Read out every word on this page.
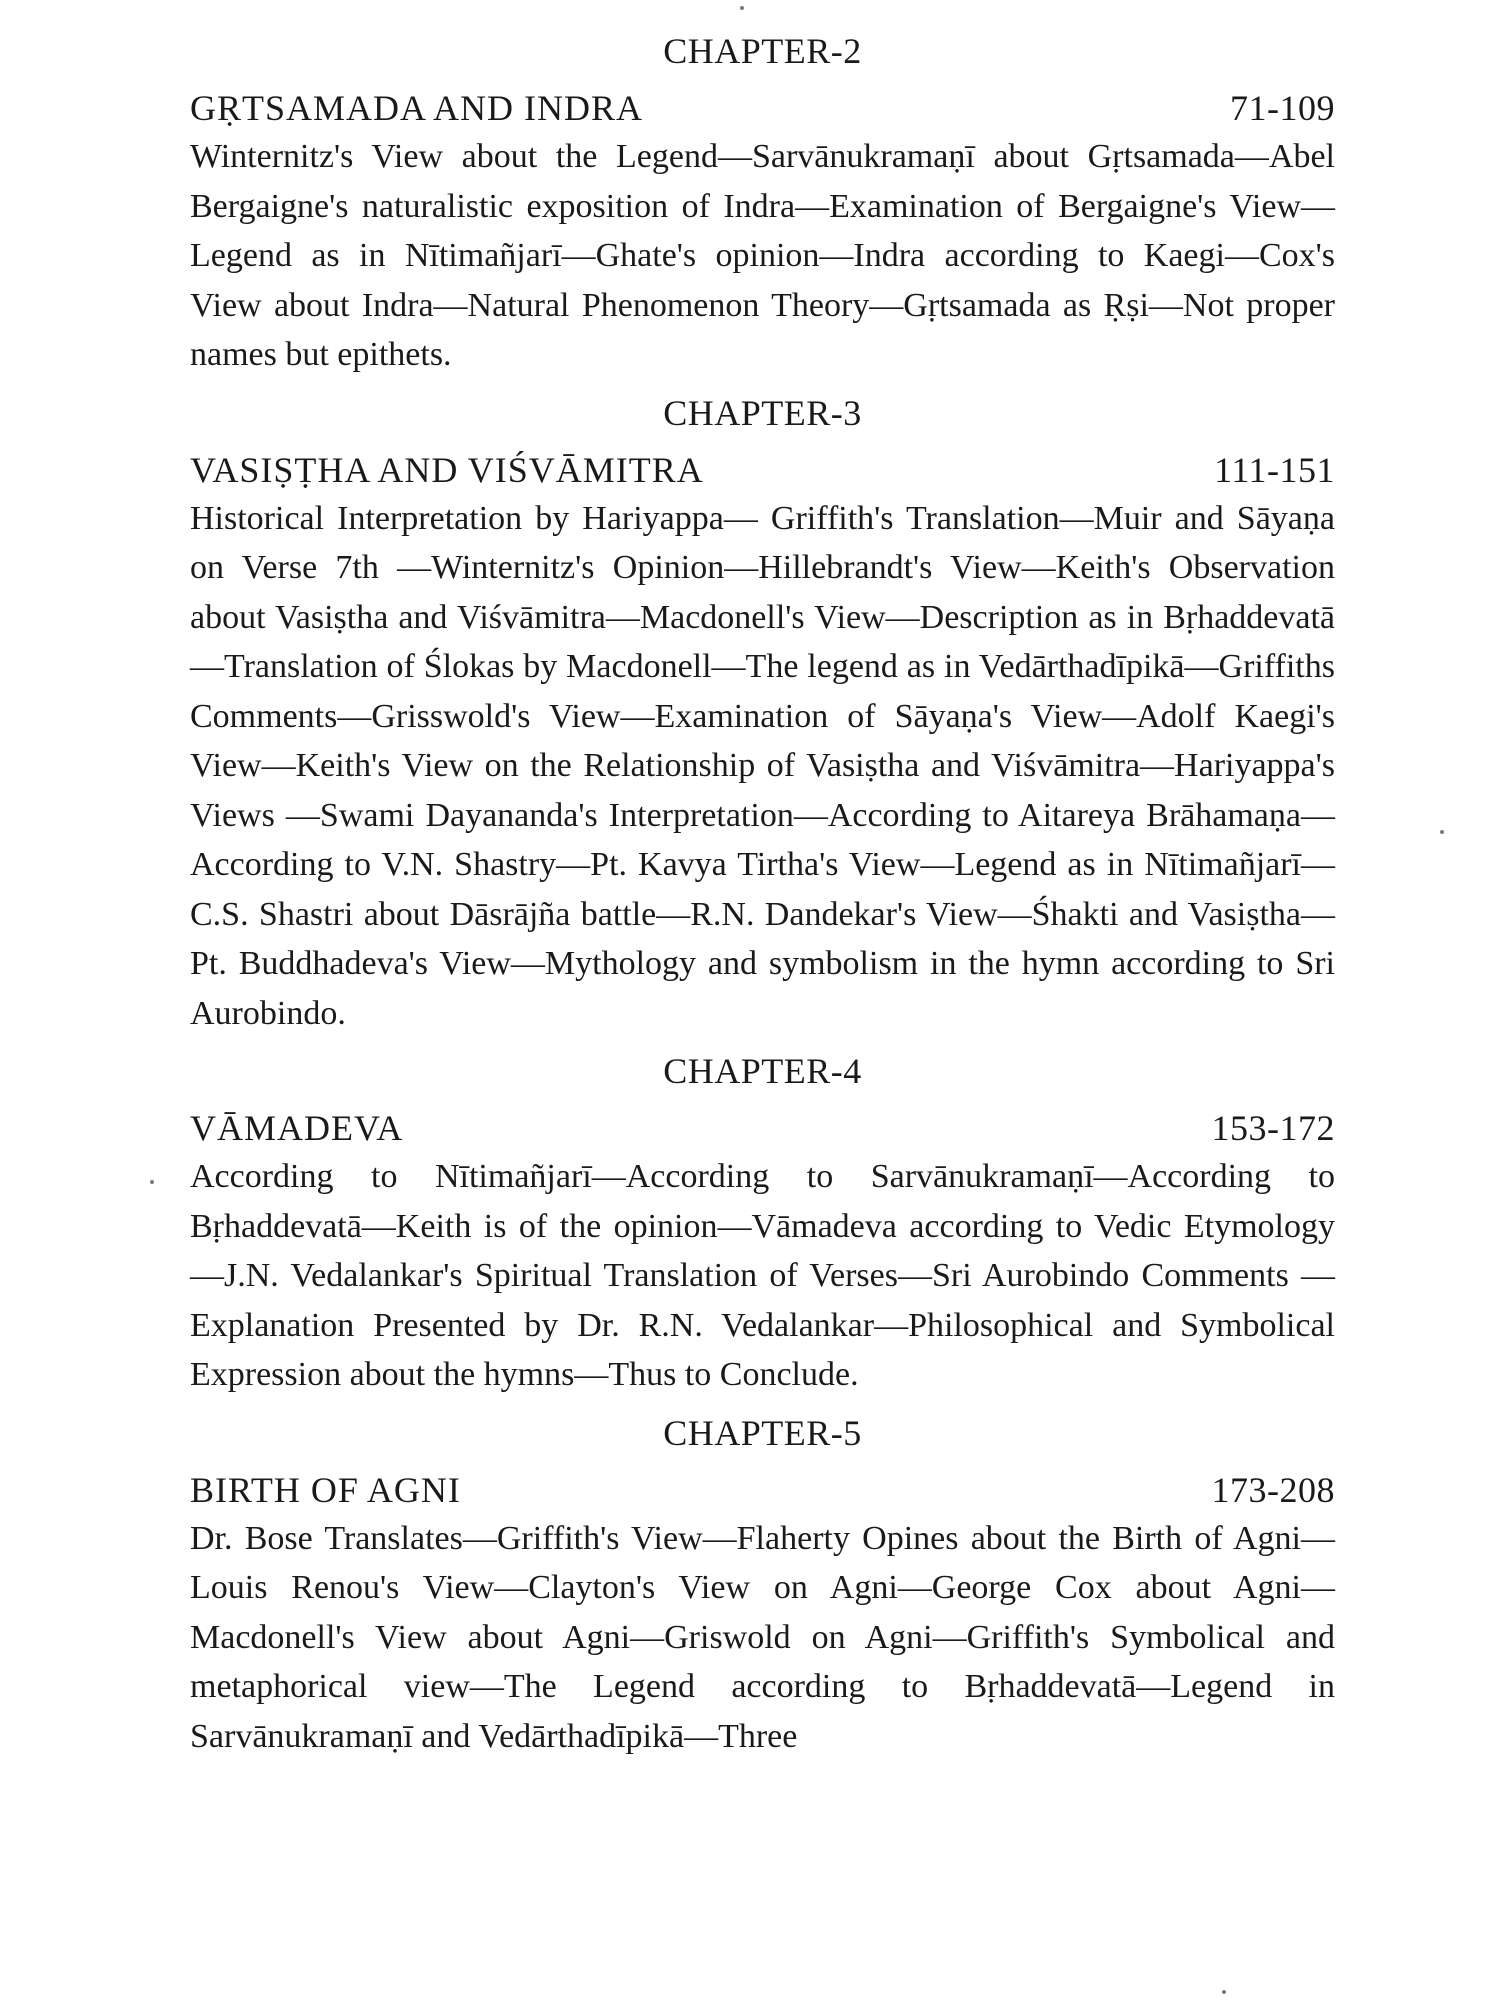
CHAPTER-2
GṚTSAMADA AND INDRA	71-109

Winternitz's View about the Legend—Sarvānukramaṇī about Gṛtsamada—Abel Bergaigne's naturalistic exposition of Indra—Examination of Bergaigne's View—Legend as in Nītimañjarī—Ghate's opinion—Indra according to Kaegi—Cox's View about Indra—Natural Phenomenon Theory—Gṛtsamada as Ṛṣi—Not proper names but epithets.

CHAPTER-3
VASIṢṬHA AND VIŚVĀMITRA	111-151

Historical Interpretation by Hariyappa— Griffith's Translation—Muir and Sāyaṇa on Verse 7th —Winternitz's Opinion—Hillebrandt's View—Keith's Observation about Vasiṣtha and Viśvāmitra—Macdonell's View—Description as in Bṛhaddevatā—Translation of Ślokas by Macdonell—The legend as in Vedārthadīpikā—Griffiths Comments—Grisswold's View—Examination of Sāyaṇa's View—Adolf Kaegi's View—Keith's View on the Relationship of Vasiṣtha and Viśvāmitra—Hariyappa's Views —Swami Dayananda's Interpretation—According to Aitareya Brāhamaṇa—According to V.N. Shastry—Pt. Kavya Tirtha's View—Legend as in Nītimañjarī—C.S. Shastri about Dāsrājña battle—R.N. Dandekar's View—Śhakti and Vasiṣtha—Pt. Buddhadeva's View—Mythology and symbolism in the hymn according to Sri Aurobindo.

CHAPTER-4
VĀMADEVA	153-172

According to Nītimañjarī—According to Sarvānukramaṇī—According to Bṛhaddevatā—Keith is of the opinion—Vāmadeva according to Vedic Etymology—J.N. Vedalankar's Spiritual Translation of Verses—Sri Aurobindo Comments —Explanation Presented by Dr. R.N. Vedalankar—Philosophical and Symbolical Expression about the hymns—Thus to Conclude.

CHAPTER-5
BIRTH OF AGNI	173-208

Dr. Bose Translates—Griffith's View—Flaherty Opines about the Birth of Agni—Louis Renou's View—Clayton's View on Agni—George Cox about Agni—Macdonell's View about Agni—Griswold on Agni—Griffith's Symbolical and metaphorical view—The Legend according to Bṛhaddevatā—Legend in Sarvānukramaṇī and Vedārthadīpikā—Three
